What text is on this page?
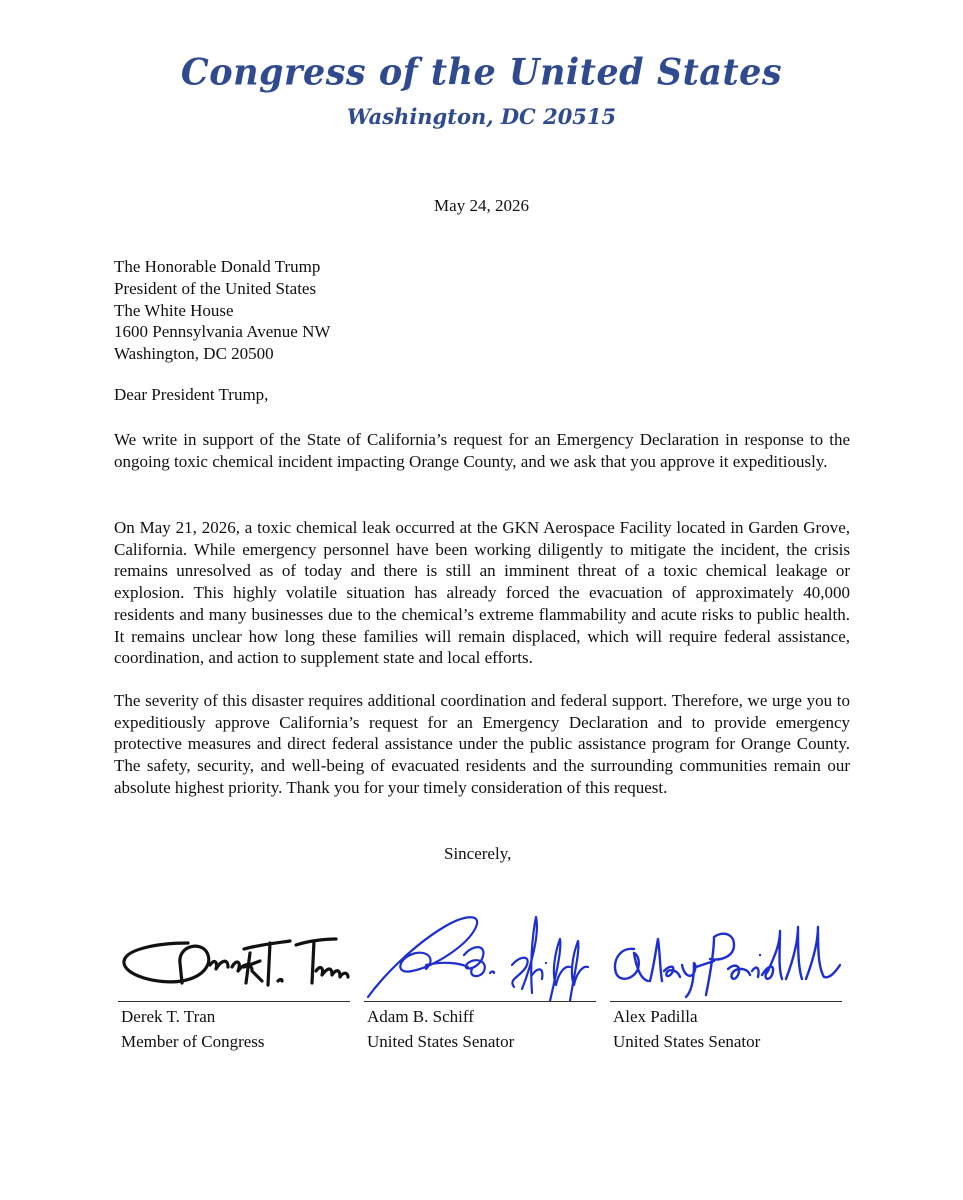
Congress of the United States
Washington, DC 20515
May 24, 2026
The Honorable Donald Trump
President of the United States
The White House
1600 Pennsylvania Avenue NW
Washington, DC 20500
Dear President Trump,

We write in support of the State of California’s request for an Emergency Declaration in response to the ongoing toxic chemical incident impacting Orange County, and we ask that you approve it expeditiously.

On May 21, 2026, a toxic chemical leak occurred at the GKN Aerospace Facility located in Garden Grove, California. While emergency personnel have been working diligently to mitigate the incident, the crisis remains unresolved as of today and there is still an imminent threat of a toxic chemical leakage or explosion. This highly volatile situation has already forced the evacuation of approximately 40,000 residents and many businesses due to the chemical’s extreme flammability and acute risks to public health. It remains unclear how long these families will remain displaced, which will require federal assistance, coordination, and action to supplement state and local efforts.

The severity of this disaster requires additional coordination and federal support. Therefore, we urge you to expeditiously approve California’s request for an Emergency Declaration and to provide emergency protective measures and direct federal assistance under the public assistance program for Orange County. The safety, security, and well-being of evacuated residents and the surrounding communities remain our absolute highest priority. Thank you for your timely consideration of this request.

Sincerely,
Derek T. Tran
Member of Congress
Adam B. Schiff
United States Senator
Alex Padilla
United States Senator
